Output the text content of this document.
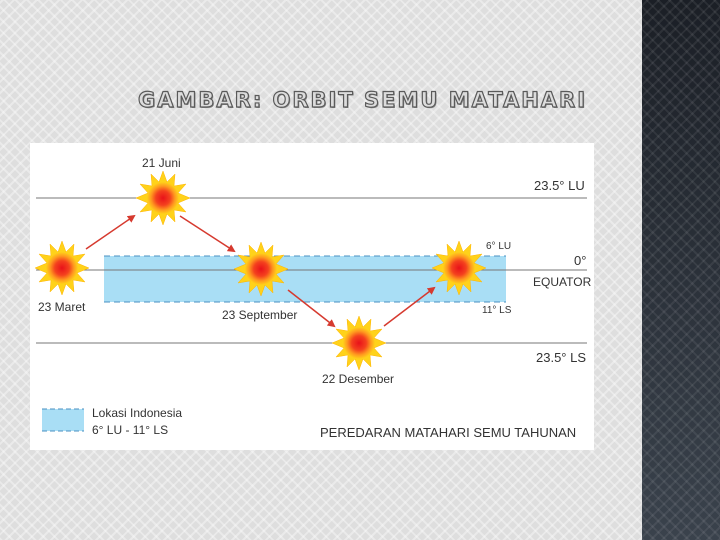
GAMBAR: ORBIT SEMU MATAHARI
21 Juni
23 Maret
23 September
22 Desember
23.5° LU
0°
EQUATOR
23.5° LS
6° LU
11° LS
Lokasi Indonesia
6° LU - 11° LS	PEREDARAN MATAHARI SEMU TAHUNAN
